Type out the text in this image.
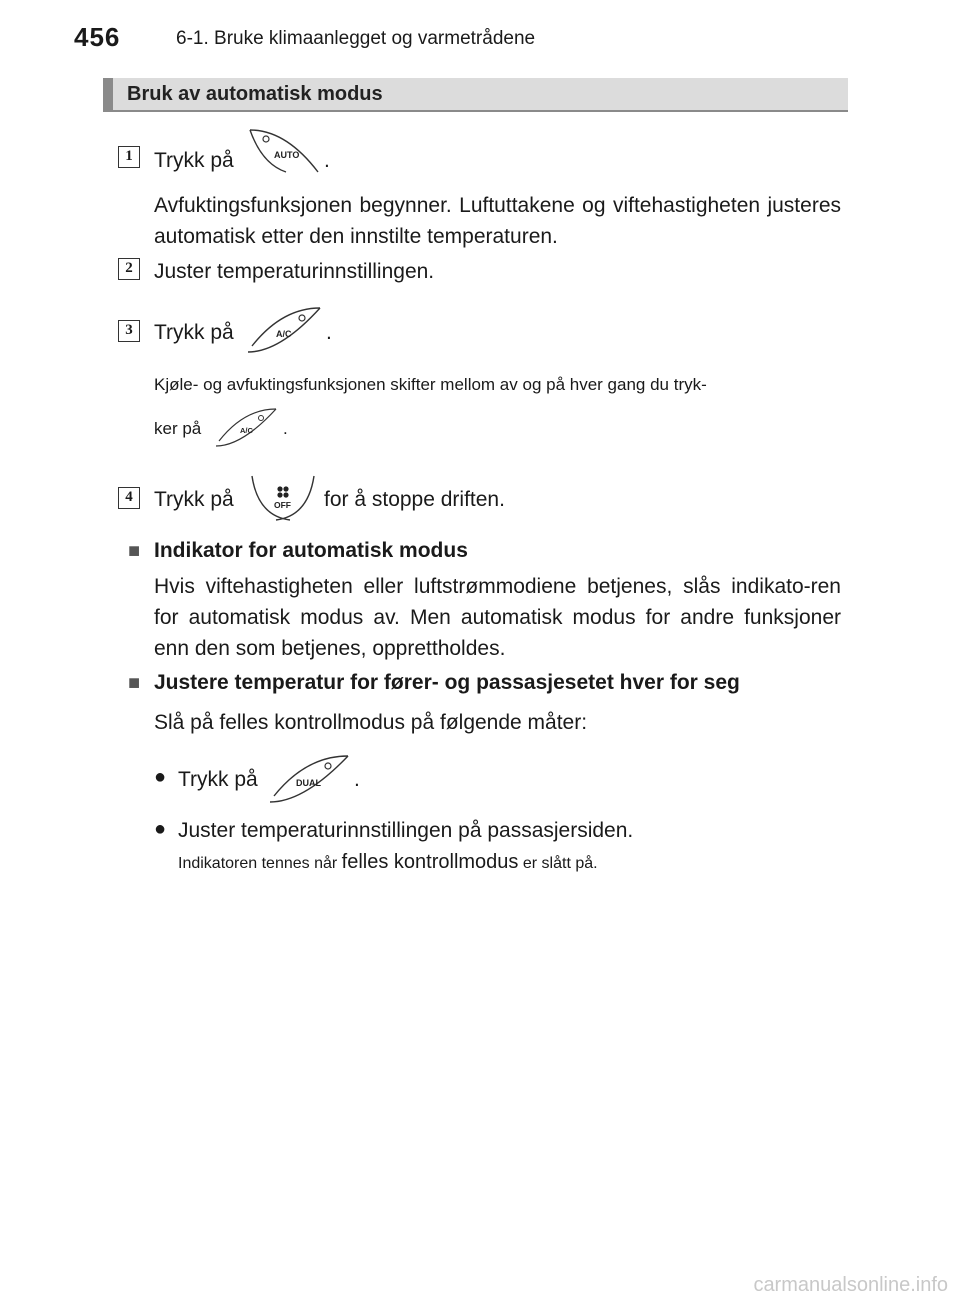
456	6-1. Bruke klimaanlegget og varmetrådene
Bruk av automatisk modus
1	Trykk på	AUTO .
Avfuktingsfunksjonen begynner. Luftuttakene og viftehastigheten justeres automatisk etter den innstilte temperaturen.
2	Juster temperaturinnstillingen.
3	Trykk på	A/C .
Kjøle- og avfuktingsfunksjonen skifter mellom av og på hver gang du tryk-
ker på	A/C .
4	Trykk på	OFF for å stoppe driften.
■ Indikator for automatisk modus
Hvis viftehastigheten eller luftstrømmodiene betjenes, slås indikato-ren for automatisk modus av. Men automatisk modus for andre funksjoner enn den som betjenes, opprettholdes.
■ Justere temperatur for fører- og passasjesetet hver for seg
Slå på felles kontrollmodus på følgende måter:
● Trykk på	DUAL .
● Juster temperaturinnstillingen på passasjersiden.
Indikatoren tennes når felles kontrollmodus er slått på.
carmanualsonline.info
